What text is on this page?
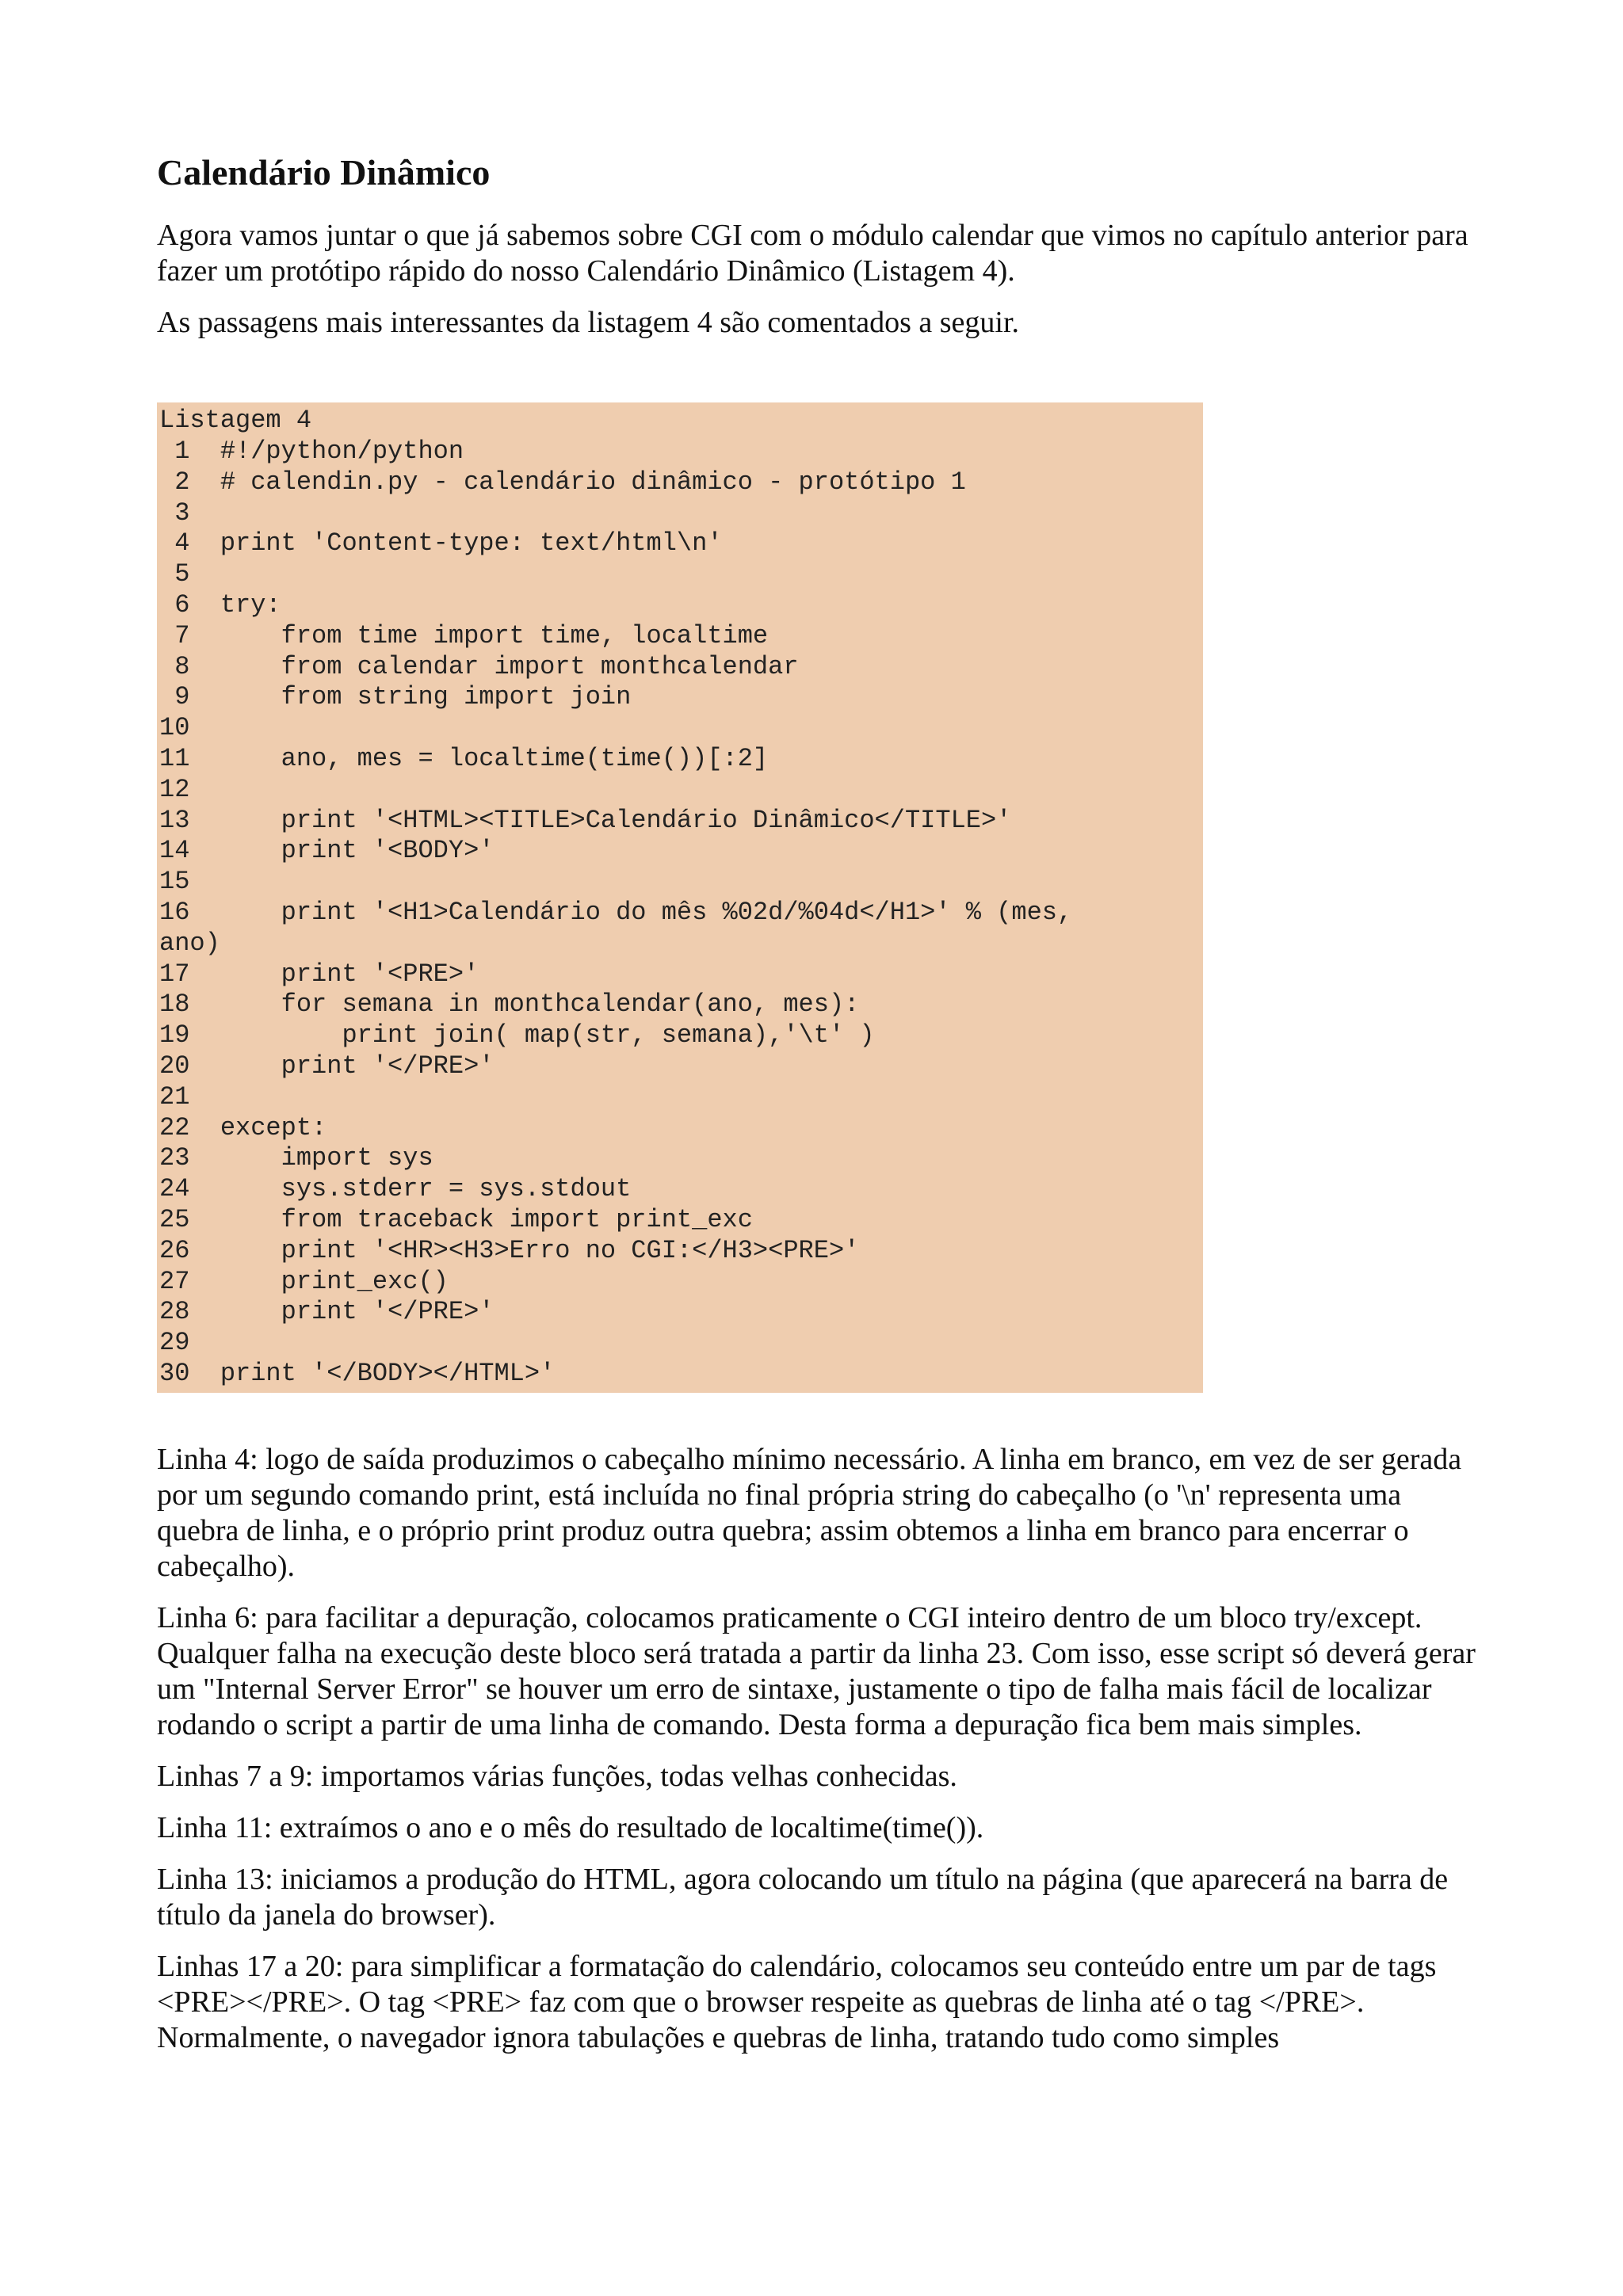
Calendário Dinâmico

Agora vamos juntar o que já sabemos sobre CGI com o módulo calendar que vimos no capítulo anterior para fazer um protótipo rápido do nosso Calendário Dinâmico (Listagem 4).

As passagens mais interessantes da listagem 4 são comentados a seguir.

Listagem 4
1  #!/python/python
2  # calendin.py - calendário dinâmico - protótipo 1
3
4  print 'Content-type: text/html\n'
5
6  try:
7      from time import time, localtime
8      from calendar import monthcalendar
9      from string import join
10
11      ano, mes = localtime(time())[:2]
12
13      print '<HTML><TITLE>Calendário Dinâmico</TITLE>'
14      print '<BODY>'
15
16      print '<H1>Calendário do mês %02d/%04d</H1>' % (mes,
ano)
17      print '<PRE>'
18      for semana in monthcalendar(ano, mes):
19          print join( map(str, semana),'\t' )
20      print '</PRE>'
21
22  except:
23      import sys
24      sys.stderr = sys.stdout
25      from traceback import print_exc
26      print '<HR><H3>Erro no CGI:</H3><PRE>'
27      print_exc()
28      print '</PRE>'
29
30  print '</BODY></HTML>'

Linha 4: logo de saída produzimos o cabeçalho mínimo necessário. A linha em branco, em vez de ser gerada por um segundo comando print, está incluída no final própria string do cabeçalho (o '\n' representa uma quebra de linha, e o próprio print produz outra quebra; assim obtemos a linha em branco para encerrar o cabeçalho).

Linha 6: para facilitar a depuração, colocamos praticamente o CGI inteiro dentro de um bloco try/except. Qualquer falha na execução deste bloco será tratada a partir da linha 23. Com isso, esse script só deverá gerar um "Internal Server Error" se houver um erro de sintaxe, justamente o tipo de falha mais fácil de localizar rodando o script a partir de uma linha de comando. Desta forma a depuração fica bem mais simples.

Linhas 7 a 9: importamos várias funções, todas velhas conhecidas.

Linha 11: extraímos o ano e o mês do resultado de localtime(time()).

Linha 13: iniciamos a produção do HTML, agora colocando um título na página (que aparecerá na barra de título da janela do browser).

Linhas 17 a 20: para simplificar a formatação do calendário, colocamos seu conteúdo entre um par de tags <PRE></PRE>. O tag <PRE> faz com que o browser respeite as quebras de linha até o tag </PRE>. Normalmente, o navegador ignora tabulações e quebras de linha, tratando tudo como simples
